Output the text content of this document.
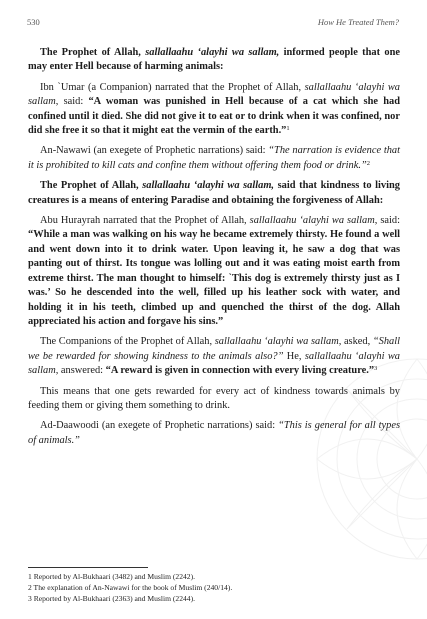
530	How He Treated Them?

The Prophet of Allah, sallallaahu ‘alayhi wa sallam, informed people that one may enter Hell because of harming animals:

Ibn `Umar (a Companion) narrated that the Prophet of Allah, sallallaahu ‘alayhi wa sallam, said: “A woman was punished in Hell because of a cat which she had confined until it died. She did not give it to eat or to drink when it was confined, nor did she free it so that it might eat the vermin of the earth.”$^1$

An-Nawawi (an exegete of Prophetic narrations) said: “The narration is evidence that it is prohibited to kill cats and confine them without offering them food or drink.”$^2$

The Prophet of Allah, sallallaahu ‘alayhi wa sallam, said that kindness to living creatures is a means of entering Paradise and obtaining the forgiveness of Allah:

Abu Hurayrah narrated that the Prophet of Allah, sallallaahu ‘alayhi wa sallam, said: “While a man was walking on his way he became extremely thirsty. He found a well and went down into it to drink water. Upon leaving it, he saw a dog that was panting out of thirst. Its tongue was lolling out and it was eating moist earth from extreme thirst. The man thought to himself: `This dog is extremely thirsty just as I was.’ So he descended into the well, filled up his leather sock with water, and holding it in his teeth, climbed up and quenched the thirst of the dog. Allah appreciated his action and forgave his sins.”

The Companions of the Prophet of Allah, sallallaahu ‘alayhi wa sallam, asked, “Shall we be rewarded for showing kindness to the animals also?’’ He, sallallaahu ‘alayhi wa sallam, answered: “A reward is given in connection with every living creature.”$^3$

This means that one gets rewarded for every act of kindness towards animals by feeding them or giving them something to drink.

Ad-Daawoodi (an exegete of Prophetic narrations) said: “This is general for all types of animals.”

1 Reported by Al-Bukhaari (3482) and Muslim (2242).
2 The explanation of An-Nawawi for the book of Muslim (240/14).
3 Reported by Al-Bukhaari (2363) and Muslim (2244).
